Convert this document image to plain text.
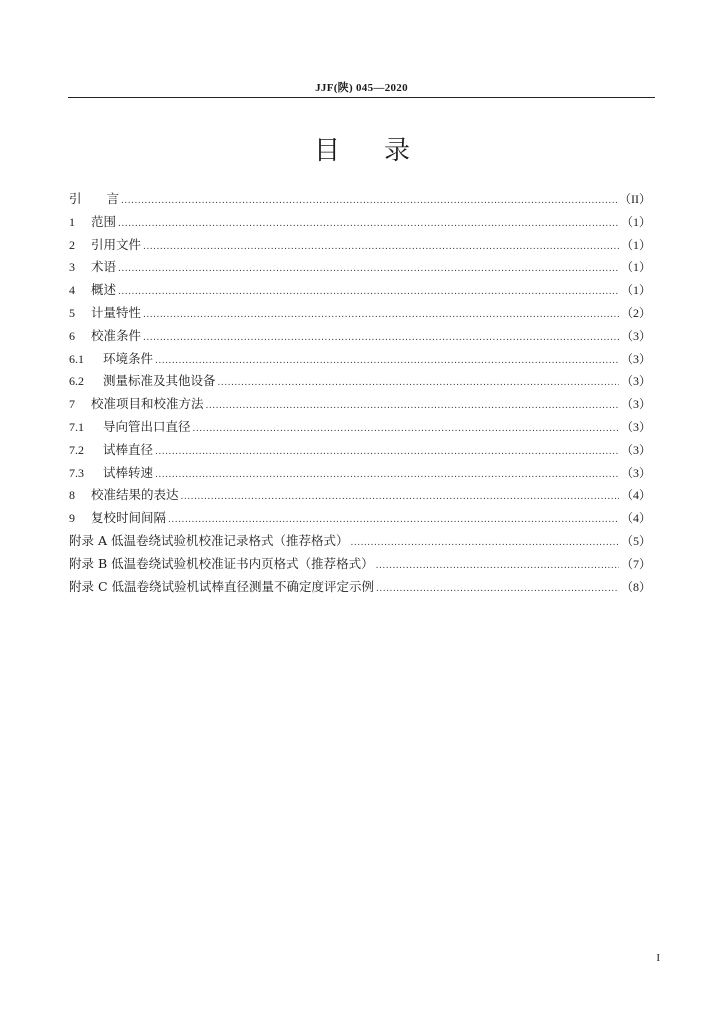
JJF(陕) 045—2020
目录
引　　言 .....	（II）
1	范围 .....	（1）
2	引用文件 .....	（1）
3	术语 .....	（1）
4	概述 .....	（1）
5	计量特性 .....	（2）
6	校准条件 .....	（3）
6.1	环境条件 .....	（3）
6.2	测量标准及其他设备 .....	（3）
7	校准项目和校准方法 .....	（3）
7.1	导向管出口直径 .....	（3）
7.2	试棒直径 .....	（3）
7.3	试棒转速 .....	（3）
8	校准结果的表达 .....	（4）
9	复校时间间隔 .....	（4）
附录 A 低温卷绕试验机校准记录格式（推荐格式） .....	（5）
附录 B 低温卷绕试验机校准证书内页格式（推荐格式） .....	（7）
附录 C 低温卷绕试验机试棒直径测量不确定度评定示例 .....	（8）
I
